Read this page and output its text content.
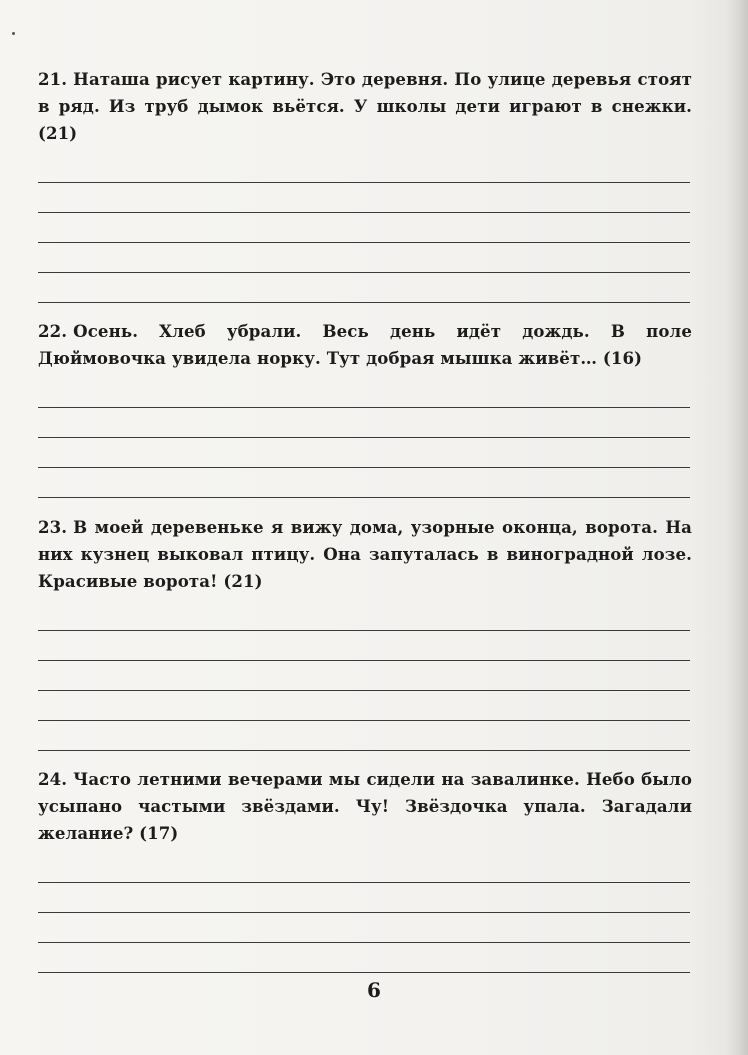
21. Наташа рисует картину. Это деревня. По улице деревья стоят в ряд. Из труб дымок вьётся. У школы дети играют в снежки. (21)

22. Осень. Хлеб убрали. Весь день идёт дождь. В поле Дюймовочка увидела норку. Тут добрая мышка живёт… (16)

23. В моей деревеньке я вижу дома, узорные оконца, ворота. На них кузнец выковал птицу. Она запуталась в виноградной лозе. Красивые ворота! (21)

24. Часто летними вечерами мы сидели на завалинке. Небо было усыпано частыми звёздами. Чу! Звёздочка упала. Загадали желание? (17)

6
